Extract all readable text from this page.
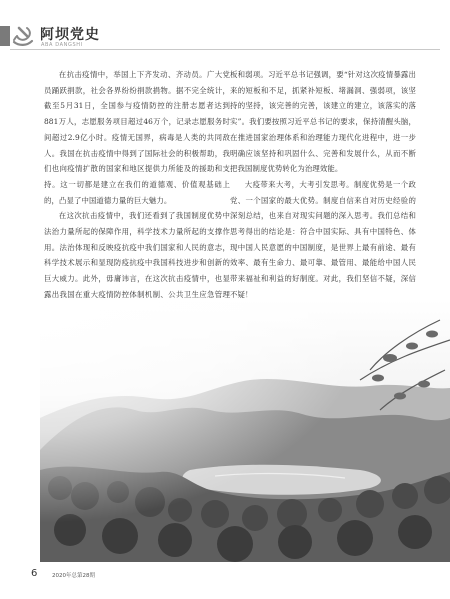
阿坝党史
ABA DANGSHI

在抗击疫情中，举国上下齐发动、齐动员。广大党员踊跃捐款，社会各界纷纷捐款捐物。据不完全统计，截至5月31日，全国参与疫情防控的注册志愿者达到881万人，志愿服务项目超过46万个，记录志愿服务时间超过2.9亿小时。疫情无国界，病毒是人类的共同敌人。我国在抗击疫情中得到了国际社会的积极帮助，我们也向疫情扩散的国家和地区提供力所能及的援助和支持。这一切都是建立在我们的道德观、价值观基础上的，凸显了中国道德力量的巨大魅力。

在这次抗击疫情中，我们还看到了我国制度优势中法治力量所起的保障作用，科学技术力量所起的支撑作用。法治体现和反映疫抗疫中我们国家和人民的意志，科学技术展示和显现防疫抗疫中我国科技进步和创新的巨大威力。此外，毋庸讳言，在这次抗击疫情中，也显露出我国在重大疫情防控体制机制、公共卫生应急管理

板和弱项。习近平总书记强调，要“针对这次疫情暴露出来的短板和不足，抓紧补短板、堵漏洞、强弱项，该坚持的坚持，该完善的完善，该建立的建立，该落实的落实”。我们要按照习近平总书记的要求，保持清醒头脑，在推进国家治理体系和治理能力现代化进程中，进一步明确应该坚持和巩固什么、完善和发展什么，从而不断把我国制度优势转化为治理效能。

大疫带来大考，大考引发思考。制度优势是一个政党、一个国家的最大优势。制度自信来自对历史经验的深刻总结，也来自对现实问题的深入思考。我们总结和思考得出的结论是：符合中国实际、具有中国特色、体现中国人民意愿的中国制度，是世界上最有前途、最有效率、最有生命力、最可靠、最管用、最能给中国人民带来福祉和利益的好制度。对此，我们坚信不疑，深信不疑！

6	2020年总第28期
